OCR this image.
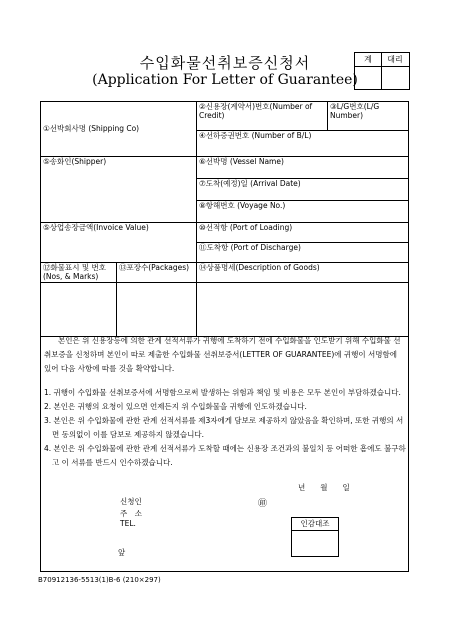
수입화물선취보증신청서
(Application For Letter of Guarantee)
계	대리
①선박회사명 (Shipping Co)		②신용장(계약서)번호(Number of Credit)	③L/G번호(L/G Number)
		④선하증권번호 (Number of B/L)	
⑤송화인(Shipper)		⑥선박명 (Vessel Name)	
		⑦도착(예정)일 (Arrival Date)	
		⑧항해번호 (Voyage No.)	
⑤상업송장금액(Invoice Value)		⑩선적항 (Port of Loading)	
		⑪도착항 (Port of Discharge)	
⑫화물표시 및 번호 (Nos, & Marks)	⑬포장수(Packages)	⑭상품명세(Description of Goods)	

본인은 위 신용장등에 의한 관계 선적서류가 귀행에 도착하기 전에 수입화물을 인도받기 위해 수입화물 선취보증을 신청하며 본인이 따로 제출한 수입화물 선취보증서(LETTER OF GUARANTEE)에 귀행이 서명함에 있어 다음 사항에 따를 것을 확약합니다.
1. 귀행이 수입화물 선취보증서에 서명함으로써 발생하는 위험과 책임 및 비용은 모두 본인이 부담하겠습니다.
2. 본인은 귀행의 요청이 있으면 언제든지 위 수입화물을 귀행에 인도하겠습니다.
3. 본인은 위 수입화물에 관한 관계 선적서류를 제3자에게 담보로 제공하지 않았음을 확인하며, 또한 귀행의 서면 동의없이 이를 담보로 제공하지 않겠습니다.
4. 본인은 위 수입화물에 관한 관계 선적서류가 도착할 때에는 신용장 조건과의 불일치 등 어떠한 흠에도 불구하고 이 서류를 반드시 인수하겠습니다.
년　　월　　일
신청인
주　소
TEL.
㊞
인감대조
앞
B70912136-5513(1)B-6 (210×297)
